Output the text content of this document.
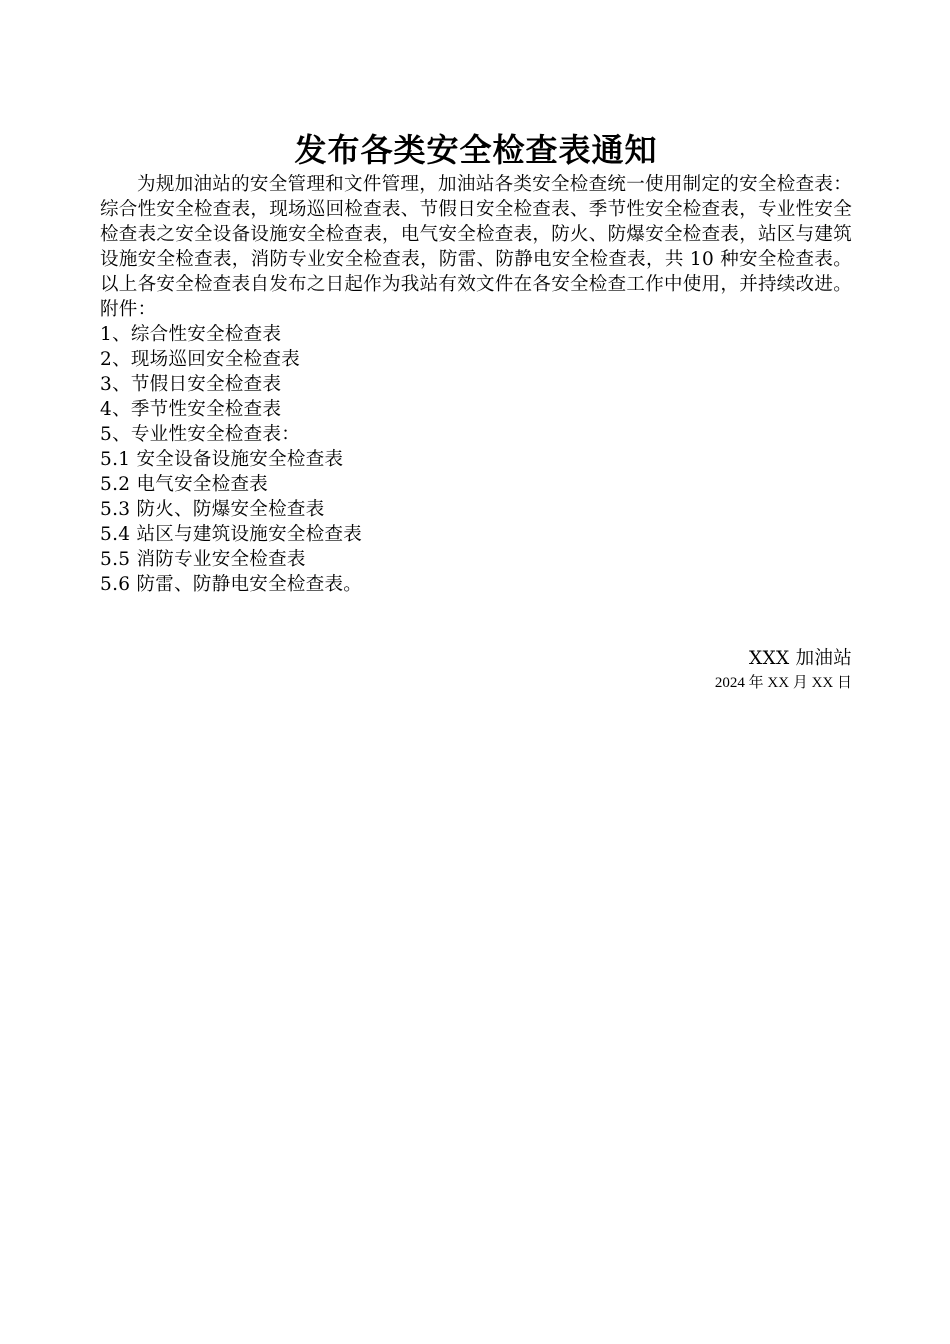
发布各类安全检查表通知

为规加油站的安全管理和文件管理，加油站各类安全检查统一使用制定的安全检查表：综合性安全检查表，现场巡回检查表、节假日安全检查表、季节性安全检查表，专业性安全检查表之安全设备设施安全检查表，电气安全检查表，防火、防爆安全检查表，站区与建筑设施安全检查表，消防专业安全检查表，防雷、防静电安全检查表，共 10 种安全检查表。以上各安全检查表自发布之日起作为我站有效文件在各安全检查工作中使用，并持续改进。

附件：

1、综合性安全检查表

2、现场巡回安全检查表

3、节假日安全检查表

4、季节性安全检查表

5、专业性安全检查表：

5.1 安全设备设施安全检查表

5.2 电气安全检查表

5.3 防火、防爆安全检查表

5.4 站区与建筑设施安全检查表

5.5 消防专业安全检查表

5.6 防雷、防静电安全检查表。

XXX 加油站
2024 年 XX 月 XX 日
